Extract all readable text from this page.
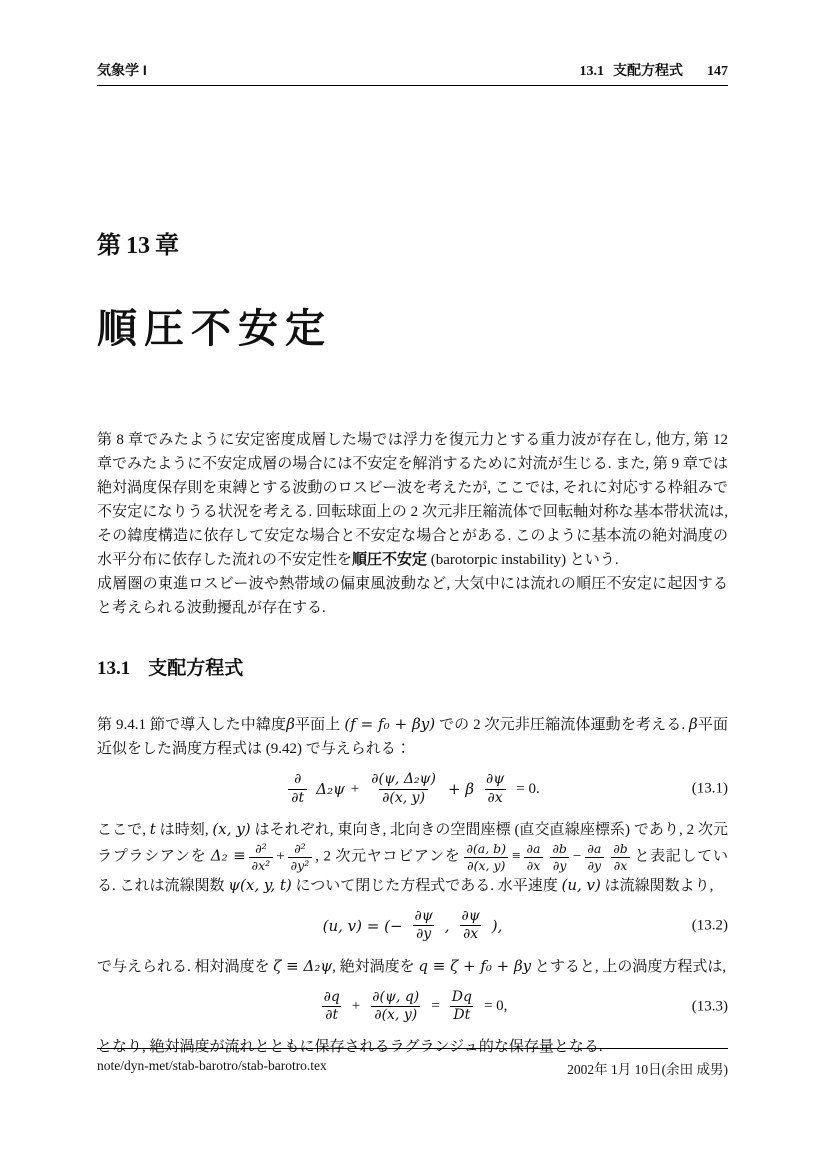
気象学 I	13.1 支配方程式 147
第 13 章
順圧不安定

第 8 章でみたように安定密度成層した場では浮力を復元力とする重力波が存在し, 他方, 第 12 章でみたように不安定成層の場合には不安定を解消するために対流が生じる. また, 第 9 章では絶対渦度保存則を束縛とする波動のロスビー波を考えたが, ここでは, それに対応する枠組みで不安定になりうる状況を考える. 回転球面上の 2 次元非圧縮流体で回転軸対称な基本帯状流は, その緯度構造に依存して安定な場合と不安定な場合とがある. このように基本流の絶対渦度の水平分布に依存した流れの不安定性を順圧不安定 (barotorpic instability) という.

成層圏の東進ロスビー波や熱帯域の偏東風波動など, 大気中には流れの順圧不安定に起因すると考えられる波動擾乱が存在する.

13.1 支配方程式

第 9.4.1 節で導入した中緯度β平面上 (f = f₀ + βy) での 2 次元非圧縮流体運動を考える. β平面近似をした渦度方程式は (9.42) で与えられる：

$\frac{\partial}{\partial t} \Delta_2\psi + \frac{\text{∂(ψ, Δ₂ψ)}}{\partial(x, y)} + \beta \frac{\partial\psi}{\partial x} = 0$.	(13.1)

ここで, t は時刻, (x, y) はそれぞれ, 東向き, 北向きの空間座標 (直交直線座標系) であり, 2 次元ラプラシアンを $\Delta_2 \equiv \frac{\text{∂²}}{\text{∂x²}} + \frac{\text{∂²}}{\text{∂y²}}$ , 2 次元ヤコビアンを $\frac{\partial(a, b)}{\partial(x, y)} \equiv \frac{\partial a}{\partial x} \frac{\partial b}{\partial y} - \frac{\partial a}{\partial y} \frac{\partial b}{\partial x}$ と表記している. これは流線関数 ψ(x, y, t) について閉じた方程式である. 水平速度 (u, v) は流線関数より,

(u, v) = (− $\frac{\partial\psi}{\partial y}$ , $\frac{\partial\psi}{\partial x}$ ),	(13.2)

で与えられる. 相対渦度を ζ ≡ Δ₂ψ, 絶対渦度を q ≡ ζ + f₀ + βy とすると, 上の渦度方程式は,

$\frac{\partial q}{\partial t} + \frac{\partial(\psi, q)}{\partial(x, y)} = \frac{Dq}{Dt} = 0$,	(13.3)

となり, 絶対渦度が流れとともに保存されるラグランジュ的な保存量となる.

note/dyn-met/stab-barotro/stab-barotro.tex	2002年 1月 10日(余田 成男)
